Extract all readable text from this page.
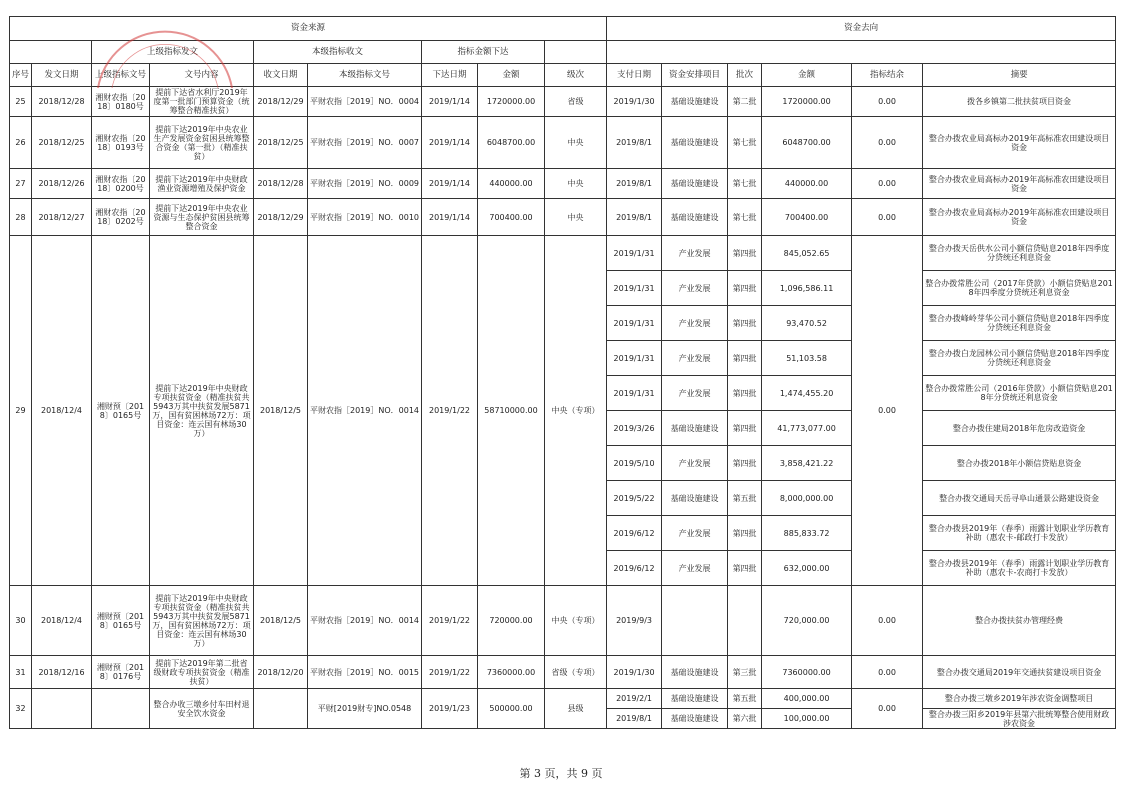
资金来源									资金去向					
		上级指标发文		本级指标收文		指标金额下达								
序号	发文日期	上级指标文号	文号内容	收文日期	本级指标文号	下达日期	金额	级次	支付日期	资金安排项目	批次	金额	指标结余	摘要
25	2018/12/28	湘财农指〔2018〕0180号	提前下达省水利厅2019年度第一批部门预算资金（统筹整合精准扶贫）	2018/12/29	平财农指［2019］NO．0004	2019/1/14	1720000.00	省级	2019/1/30	基础设施建设	第二批	1720000.00	0.00	拨各乡镇第二批扶贫项目资金
26	2018/12/25	湘财农指〔2018〕0193号	提前下达2019年中央农业生产发展资金贫困县统筹整合资金（第一批）（精准扶贫）	2018/12/25	平财农指［2019］NO．0007	2019/1/14	6048700.00	中央	2019/8/1	基础设施建设	第七批	6048700.00	0.00	整合办拨农业局高标办2019年高标准农田建设项目资金
27	2018/12/26	湘财农指〔2018〕0200号	提前下达2019年中央财政渔业资源增殖及保护资金	2018/12/28	平财农指［2019］NO．0009	2019/1/14	440000.00	中央	2019/8/1	基础设施建设	第七批	440000.00	0.00	整合办拨农业局高标办2019年高标准农田建设项目资金
28	2018/12/27	湘财农指〔2018〕0202号	提前下达2019年中央农业资源与生态保护贫困县统筹整合资金	2018/12/29	平财农指［2019］NO．0010	2019/1/14	700400.00	中央	2019/8/1	基础设施建设	第七批	700400.00	0.00	整合办拨农业局高标办2019年高标准农田建设项目资金
29	2018/12/4	湘财预〔2018〕0165号	提前下达2019年中央财政专项扶贫资金（精准扶贫共5943万其中扶贫发展5871万，国有贫困林场72万：项目资金：连云国有林场30万）	2018/12/5	平财农指［2019］NO．0014	2019/1/22	58710000.00	中央（专项）	2019/1/31	产业发展	第四批	845,052.65	0.00	整合办拨天岳供水公司小额信贷贴息2018年四季度分贷统还利息资金
									2019/1/31	产业发展	第四批	1,096,586.11		整合办拨常胜公司（2017年贷款）小额信贷贴息2018年四季度分贷统还利息资金
									2019/1/31	产业发展	第四批	93,470.52		整合办拨峰岭芽华公司小额信贷贴息2018年四季度分贷统还利息资金
									2019/1/31	产业发展	第四批	51,103.58		整合办拨白龙园林公司小额信贷贴息2018年四季度分贷统还利息资金
									2019/1/31	产业发展	第四批	1,474,455.20		整合办拨常胜公司（2016年贷款）小额信贷贴息2018年分贷统还利息资金
									2019/3/26	基础设施建设	第四批	41,773,077.00		整合办拨住建局2018年危房改造资金
									2019/5/10	产业发展	第四批	3,858,421.22		整合办拨2018年小额信贷贴息资金
									2019/5/22	基础设施建设	第五批	8,000,000.00		整合办拨交通局天岳寻阜山通景公路建设资金
									2019/6/12	产业发展	第四批	885,833.72		整合办拨县2019年（春季）雨露计划职业学历教育补助（惠农卡-邮政打卡发放）
									2019/6/12	产业发展	第四批	632,000.00		整合办拨县2019年（春季）雨露计划职业学历教育补助（惠农卡-农商打卡发放）
30	2018/12/4	湘财预〔2018〕0165号	提前下达2019年中央财政专项扶贫资金（精准扶贫共5943万其中扶贫发展5871万，国有贫困林场72万：项目资金：连云国有林场30万）	2018/12/5	平财农指［2019］NO．0014	2019/1/22	720000.00	中央（专项）	2019/9/3			720,000.00	0.00	整合办拨扶贫办管理经费
31	2018/12/16	湘财预〔2018〕0176号	提前下达2019年第二批省级财政专项扶贫资金（精准扶贫）	2018/12/20	平财农指［2019］NO．0015	2019/1/22	7360000.00	省级（专项）	2019/1/30	基础设施建设	第三批	7360000.00	0.00	整合办拨交通局2019年交通扶贫建设项目资金
32			整合办收三墩乡付车田村退安全饮水资金		平财[2019财专]NO.0548	2019/1/23	500000.00	县级	2019/2/1	基础设施建设	第五批	400,000.00	0.00	整合办拨三墩乡2019年涉农资金调整项目
									2019/8/1	基础设施建设	第六批	100,000.00		整合办拨三阳乡2019年县第六批统筹整合使用财政涉农资金
第 3 页，共 9 页
